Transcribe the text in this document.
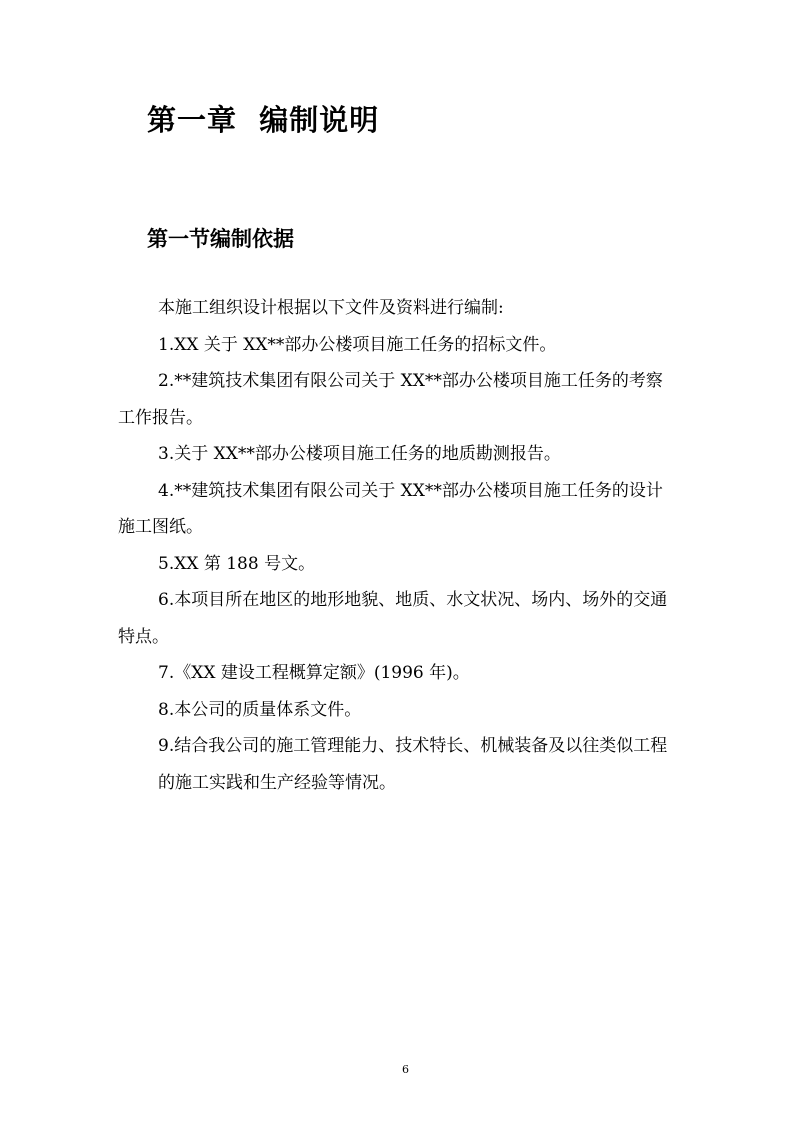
第一章  编制说明
第一节编制依据

本施工组织设计根据以下文件及资料进行编制:

1.XX 关于 XX**部办公楼项目施工任务的招标文件。

2.**建筑技术集团有限公司关于 XX**部办公楼项目施工任务的考察工作报告。

3.关于 XX**部办公楼项目施工任务的地质勘测报告。

4.**建筑技术集团有限公司关于 XX**部办公楼项目施工任务的设计施工图纸。

5.XX 第 188 号文。

6.本项目所在地区的地形地貌、地质、水文状况、场内、场外的交通特点。

7.《XX 建设工程概算定额》(1996 年)。

8.本公司的质量体系文件。

9.结合我公司的施工管理能力、技术特长、机械装备及以往类似工程

的施工实践和生产经验等情况。

6
